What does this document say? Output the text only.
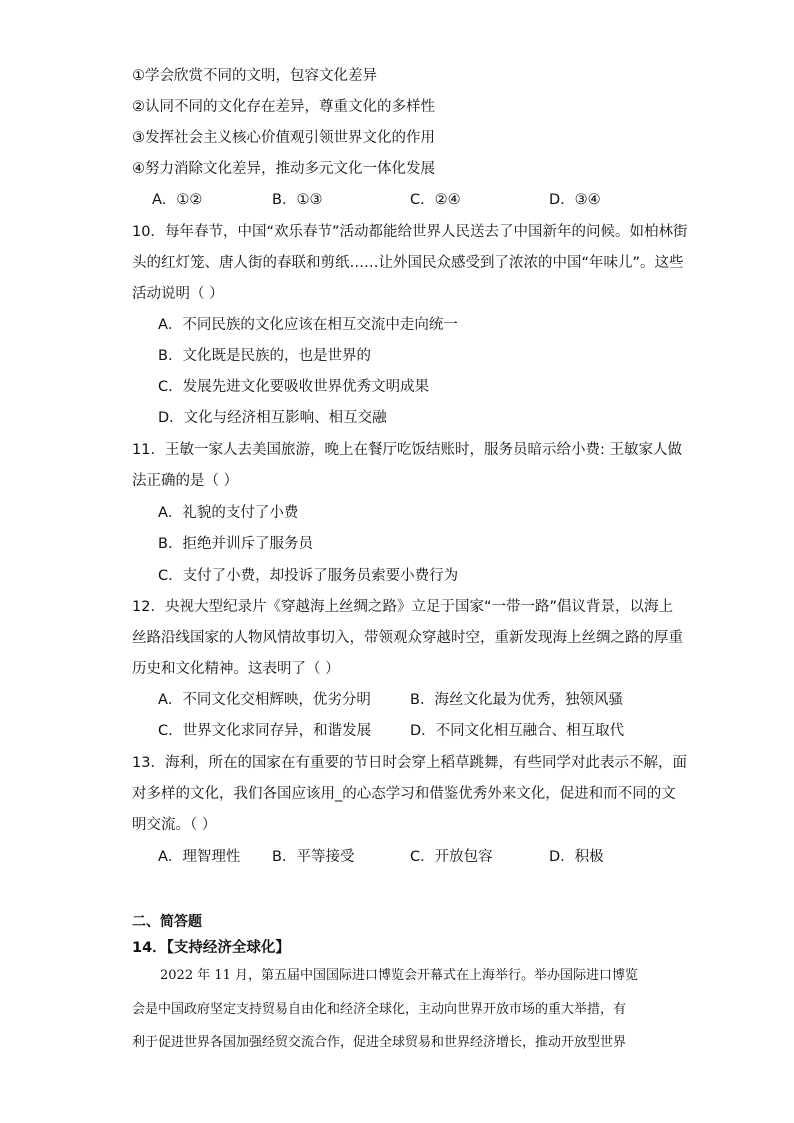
①学会欣赏不同的文明，包容文化差异
②认同不同的文化存在差异，尊重文化的多样性
③发挥社会主义核心价值观引领世界文化的作用
④努力消除文化差异，推动多元文化一体化发展
A．①②	B．①③	C．②④	D．③④
10．每年春节，中国“欢乐春节”活动都能给世界人民送去了中国新年的问候。如柏林街
头的红灯笼、唐人街的春联和剪纸……让外国民众感受到了浓浓的中国“年味儿”。这些
活动说明（ ）
A．不同民族的文化应该在相互交流中走向统一
B．文化既是民族的，也是世界的
C．发展先进文化要吸收世界优秀文明成果
D．文化与经济相互影响、相互交融
11．王敏一家人去美国旅游，晚上在餐厅吃饭结账时，服务员暗示给小费: 王敏家人做
法正确的是（ ）
A．礼貌的支付了小费
B．拒绝并训斥了服务员
C．支付了小费，却投诉了服务员索要小费行为
12．央视大型纪录片《穿越海上丝绸之路》立足于国家“一带一路”倡议背景，以海上
丝路沿线国家的人物风情故事切入，带领观众穿越时空，重新发现海上丝绸之路的厚重
历史和文化精神。这表明了（ ）
A．不同文化交相辉映，优劣分明	B．海丝文化最为优秀，独领风骚
C．世界文化求同存异，和谐发展	D．不同文化相互融合、相互取代
13．海利，所在的国家在有重要的节日时会穿上稻草跳舞，有些同学对此表示不解，面
对多样的文化，我们各国应该用_的心态学习和借鉴优秀外来文化，促进和而不同的文
明交流。（ ）
A．理智理性 B．平等接受	C．开放包容	D．积极
二、简答题
14．【支持经济全球化】
2022 年 11 月，第五届中国国际进口博览会开幕式在上海举行。举办国际进口博览
会是中国政府坚定支持贸易自由化和经济全球化，主动向世界开放市场的重大举措，有
利于促进世界各国加强经贸交流合作，促进全球贸易和世界经济增长，推动开放型世界
